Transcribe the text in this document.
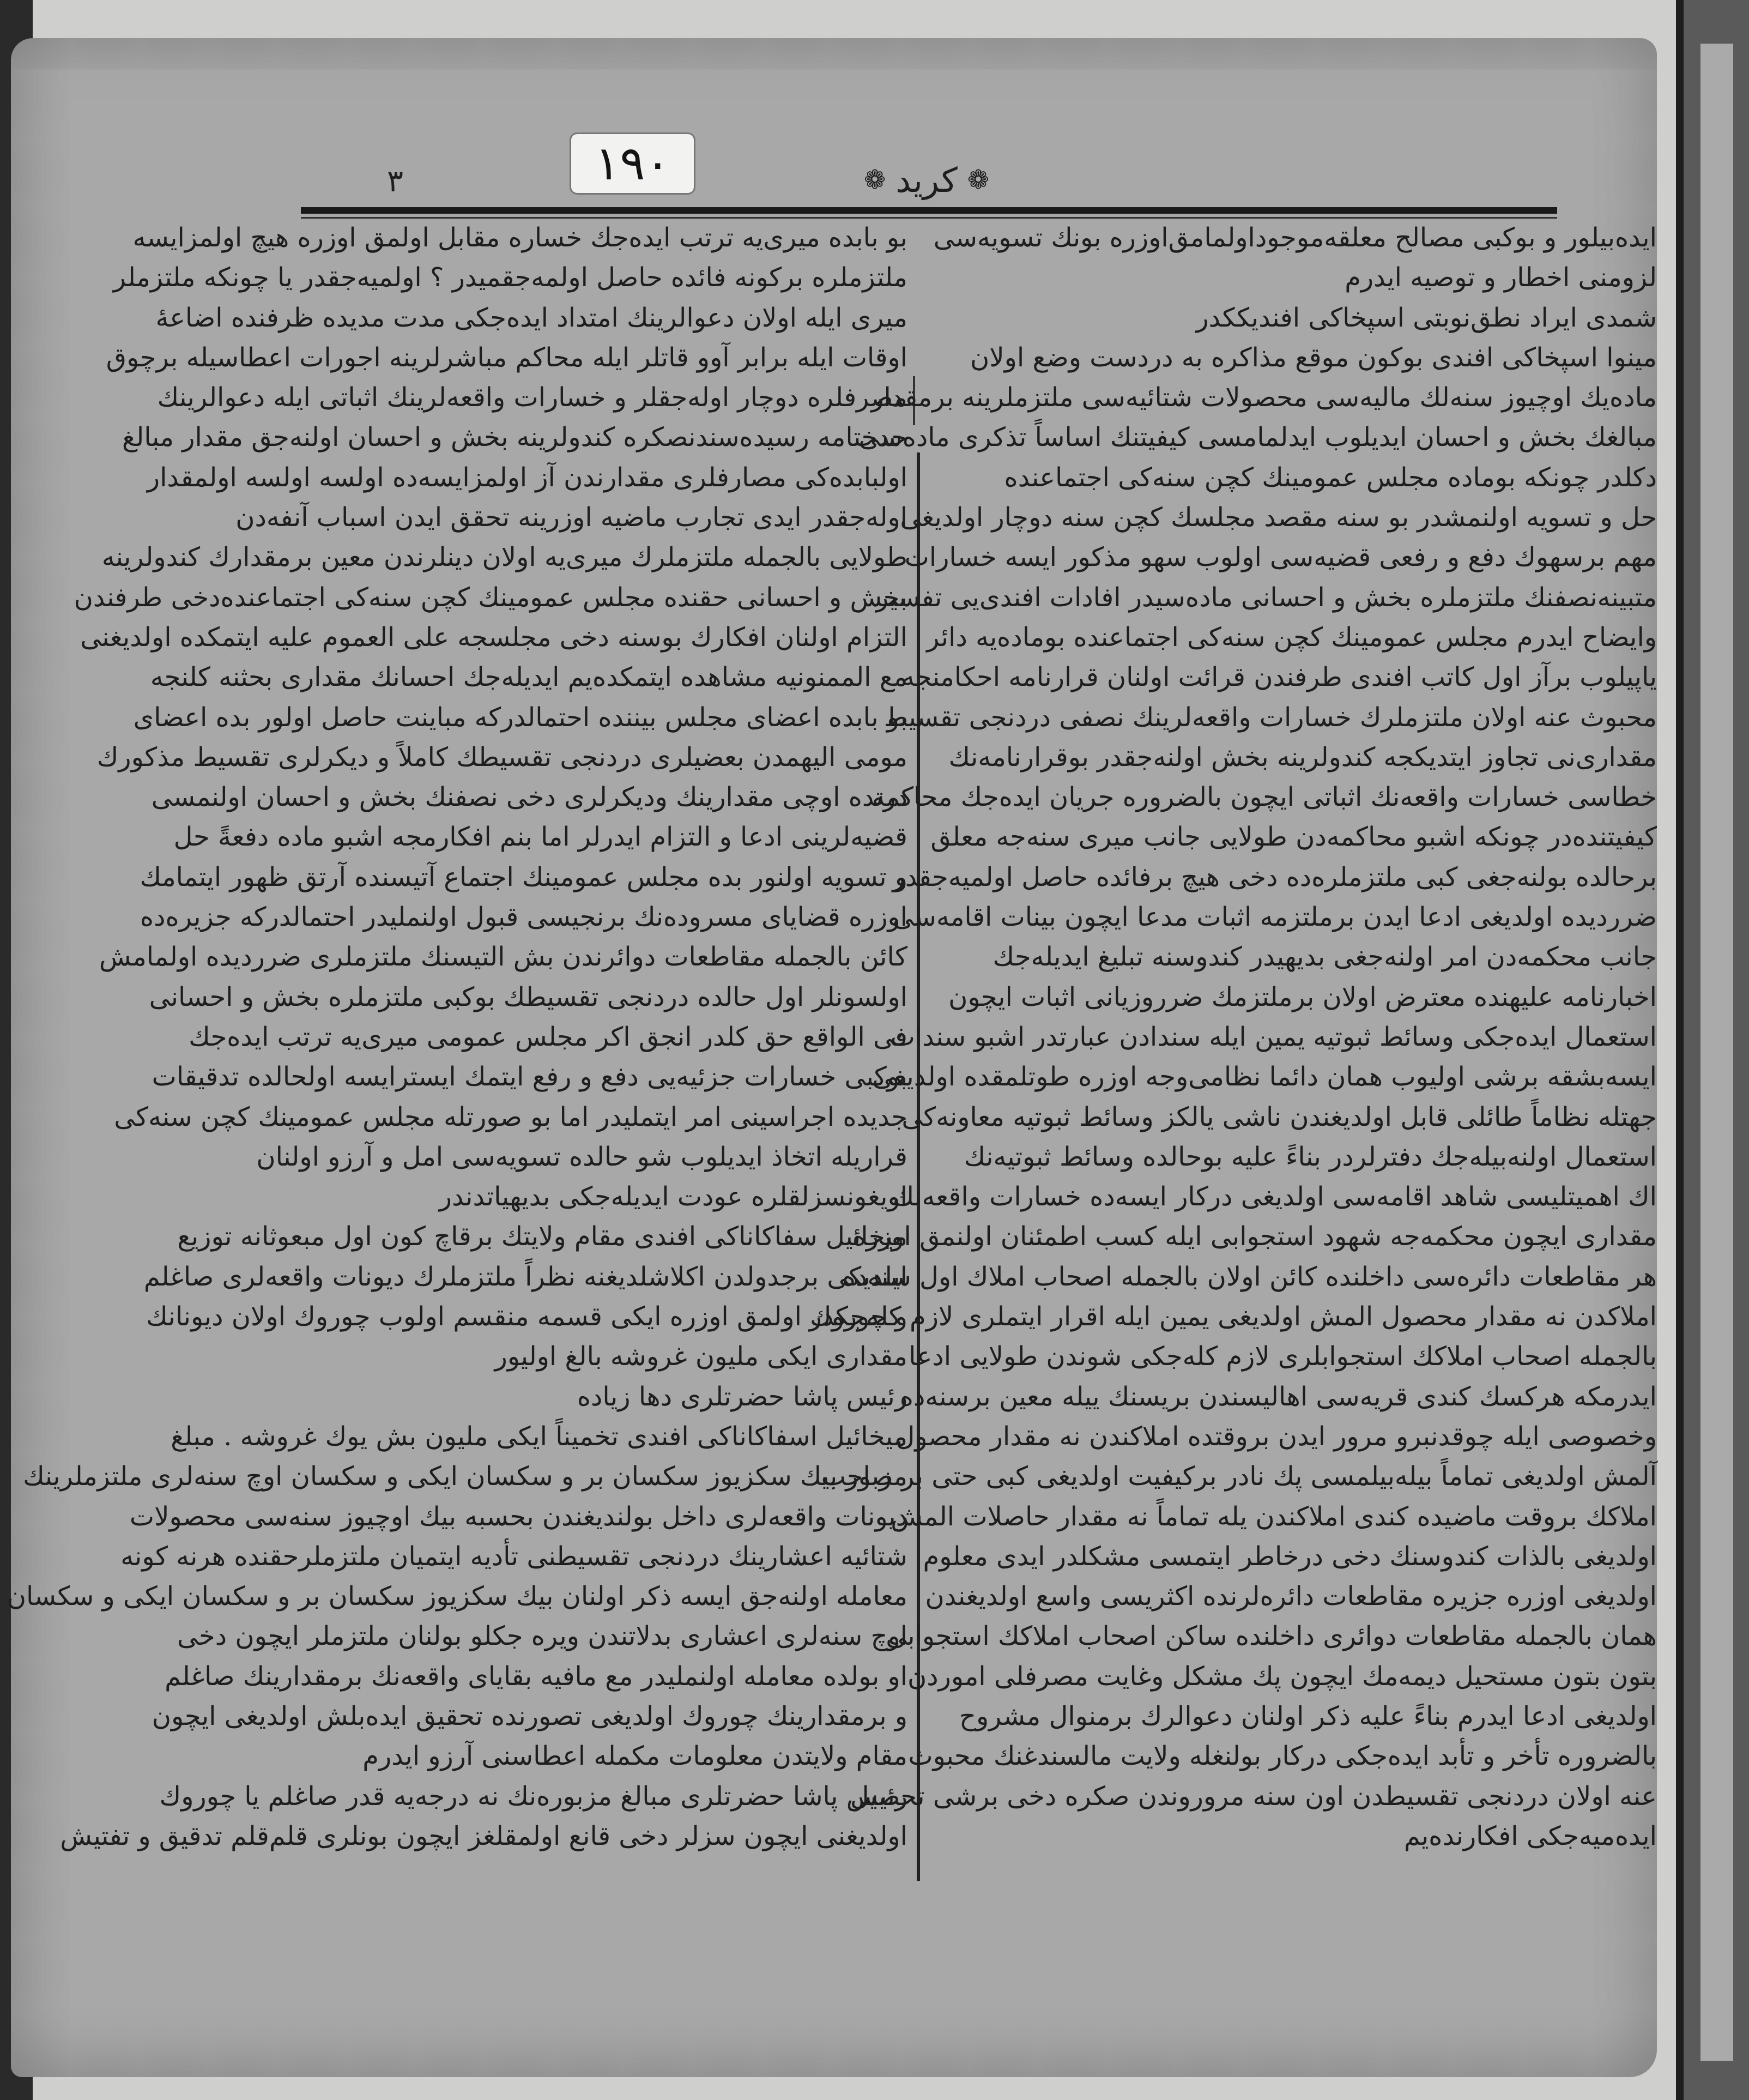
۱۹۰
۳	❁ کرید ❁

ایده‌بیلور و بوکبی مصالح معلقه‌موجوداولمامق‌اوزره بونك تسویه‌سی

لزومنی اخطار و توصیه ایدرم

شمدی ایراد نطق‌نوبتی اسپخاکی افندیککدر

مینوا اسپخاکی افندی بوکون موقع مذاکره به دردست وضع اولان

ماده‌یك اوچیوز سنه‌لك مالیه‌سی محصولات شتائیه‌سی ملتزملرینه برمقدار

مبالغك بخش و احسان ایدیلوب ایدلمامسی کیفیتنك اساساً تذکری ماده‌سی

دکلدر چونکه بوماده مجلس عمومینك کچن سنه‌کی اجتماعنده

حل و تسویه اولنمشدر بو سنه مقصد مجلسك کچن سنه دوچار اولدیغی

مهم برسهوك دفع و رفعی قضیه‌سی اولوب سهو مذکور ایسه خسارات

متبینه‌نصفنك ملتزملره بخش و احسانی ماده‌سیدر افادات افندی‌یی تفسیر

وایضاح ایدرم مجلس عمومینك کچن سنه‌کی اجتماعنده بوماده‌یه دائر

یاپیلوب برآز اول کاتب افندی طرفندن قرائت اولنان قرارنامه احکامنجه

محبوث عنه اولان ملتزملرك خسارات واقعه‌لرینك نصفی دردنجی تقسیط

مقداری‌نی تجاوز ایتدیکجه کندولرینه بخش اولنه‌جقدر بوقرارنامه‌نك

خطاسی خسارات واقعه‌نك اثباتی ایچون بالضروره جریان ایده‌جك محاکمه

کیفیتنده‌در چونکه اشبو محاکمه‌دن طولایی جانب میری سنه‌جه معلق

برحالده بولنه‌جغی کبی ملتزملره‌ده دخی هیچ برفائده حاصل اولمیه‌جقدر

ضرردیده اولدیغی ادعا ایدن برملتزمه اثبات مدعا ایچون بینات اقامه‌سی

جانب محکمه‌دن امر اولنه‌جغی بدیهیدر کندوسنه تبلیغ ایدیله‌جك

اخبارنامه علیهنده معترض اولان برملتزمك ضرروزیانی اثبات ایچون

استعمال ایده‌جکی وسائط ثبوتیه یمین ایله سندادن عبارتدر اشبو سندات

ایسه‌بشقه برشی اولیوب همان دائما نظامی‌وجه اوزره طوتلمقده اولدیغی

جهتله نظاماً طائلی قابل اولدیغندن ناشی یالکز وسائط ثبوتیه معاونه‌کی

استعمال اولنه‌بیله‌جك دفترلردر بناءً علیه بوحالده وسائط ثبوتیه‌نك

اك اهمیتلیسی شاهد اقامه‌سی اولدیغی درکار ایسه‌ده خسارات واقعه‌نك

مقداری ایچون محکمه‌جه شهود استجوابی ایله کسب اطمئنان اولنمق اوزره

هر مقاطعات دائره‌سی داخلنده کائن اولان بالجمله اصحاب املاك اول سنه‌ده

املاکدن نه مقدار محصول المش اولدیغی یمین ایله اقرار ایتملری لازم کله‌جکدر

بالجمله اصحاب املاکك استجوابلری لازم کله‌جکی شوندن طولایی ادعا

ایدرمکه هرکسك کندی قریه‌سی اهالیسندن بریسنك ییله معین برسنه‌ده

وخصوصی ایله چوقدنبرو مرور ایدن بروقتده املاکندن نه مقدار محصول

آلمش اولدیغی تماماً بیله‌بیلمسی پك نادر برکیفیت اولدیغی کبی حتی بر صاحب

املاکك بروقت ماضیده کندی املاکندن یله تماماً نه مقدار حاصلات المش

اولدیغی بالذات کندوسنك دخی درخاطر ایتمسی مشکلدر ایدی معلوم

اولدیغی اوزره جزیره مقاطعات دائره‌لرنده اکثریسی واسع اولدیغندن

همان بالجمله مقاطعات دوائری داخلنده ساکن اصحاب املاکك استجوابی

بتون بتون مستحیل دیمه‌مك ایچون پك مشکل وغایت مصرفلی اموردن

اولدیغی ادعا ایدرم بناءً علیه ذکر اولنان دعوالرك برمنوال مشروح

بالضروره تأخر و تأبد ایده‌جکی درکار بولنغله ولایت مالسندغنك محبوث

عنه اولان دردنجی تقسیطدن اون سنه مروروندن صکره دخی برشی تحصیل

ایده‌میه‌جکی افکارنده‌یم

بو بابده میری‌یه ترتب ایده‌جك خساره مقابل اولمق اوزره هیچ اولمزایسه

ملتزملره برکونه فائده حاصل اولمه‌جقمیدر ؟ اولمیه‌جقدر یا چونکه ملتزملر

میری ایله اولان دعوالرینك امتداد ایده‌جکی مدت مدیده ظرفنده اضاعهٔ

اوقات ایله برابر آوو قاتلر ایله محاکم مباشرلرینه اجورات اعطاسیله برچوق

مصرفلره دوچار اوله‌جقلر و خسارات واقعه‌لرینك اثباتی ایله دعوالرینك

حدختامه رسیده‌سندنصکره کندولرینه بخش و احسان اولنه‌جق مقدار مبالغ

اولبابده‌کی مصارفلری مقدارندن آز اولمزایسه‌ده اولسه اولسه اولمقدار

اوله‌جقدر ایدی تجارب ماضیه اوزرینه تحقق ایدن اسباب آنفه‌دن

طولایی بالجمله ملتزملرك میری‌یه اولان دینلرندن معین برمقدارك کندولرینه

بخش و احسانی حقنده مجلس عمومینك کچن سنه‌کی اجتماعنده‌دخی طرفندن

التزام اولنان افکارك بوسنه دخی مجلسجه علی العموم علیه ایتمکده اولدیغنی

مع الممنونیه مشاهده ایتمکده‌یم ایدیله‌جك احسانك مقداری بحثنه کلنجه

بو بابده اعضای مجلس بیننده احتمالدرکه مباینت حاصل اولور بده اعضای

مومی الیهمدن بعضیلری دردنجی تقسیطك کاملاً و دیکرلری تقسیط مذکورك

درتده اوچی مقدارینك ودیکرلری دخی نصفنك بخش و احسان اولنمسی

قضیه‌لرینی ادعا و التزام ایدرلر اما بنم افکارمجه اشبو ماده دفعةً حل

و تسویه اولنور بده مجلس عمومینك اجتماع آتیسنده آرتق ظهور ایتمامك

اوزره قضایای مسروده‌نك برنجیسی قبول اولنملیدر احتمالدرکه جزیره‌ده

کائن بالجمله مقاطعات دوائرندن بش التیسنك ملتزملری ضرردیده اولمامش

اولسونلر اول حالده دردنجی تقسیطك بوکبی ملتزملره بخش و احسانی

فی الواقع حق کلدر انجق اکر مجلس عمومی میری‌یه ترتب ایده‌جك

بوکبی خسارات جزئیه‌یی دفع و رفع ایتمك ایسترایسه اولحالده تدقیقات

جدیده اجراسینی امر ایتملیدر اما بو صورتله مجلس عمومینك کچن سنه‌کی

قراریله اتخاذ ایدیلوب شو حالده تسویه‌سی امل و آرزو اولنان

اویغونسزلقلره عودت ایدیله‌جکی بدیهیاتدندر

میخائیل سفاکاناکی افندی مقام ولایتك برقاچ کون اول مبعوثانه توزیع

ایلدیکی برجدولدن اکلاشلدیغنه نظراً ملتزملرك دیونات واقعه‌لری صاغلم

و چوروك اولمق اوزره ایکی قسمه منقسم اولوب چوروك اولان دیونانك

مقداری ایکی ملیون غروشه بالغ اولیور

رئیس پاشا حضرتلری دها زیاده

میخائیل اسفاکاناکی افندی تخمیناً ایکی ملیون بش یوك غروشه . مبلغ

مزبور بیك سکزیوز سکسان بر و سکسان ایکی و سکسان اوچ سنه‌لری ملتزملرینك

دیونات واقعه‌لری داخل بولندیغندن بحسبه بیك اوچیوز سنه‌سی محصولات

شتائیه اعشارینك دردنجی تقسیطنی تأدیه ایتمیان ملتزملرحقنده هرنه کونه

معامله اولنه‌جق ایسه ذکر اولنان بیك سکزیوز سکسان بر و سکسان ایکی و سکسان

اوچ سنه‌لری اعشاری بدلاتندن ویره جکلو بولنان ملتزملر ایچون دخی

او بولده معامله اولنملیدر مع مافیه بقایای واقعه‌نك برمقدارینك صاغلم

و برمقدارینك چوروك اولدیغی تصورنده تحقیق ایده‌بلش اولدیغی ایچون

مقام ولایتدن معلومات مکمله اعطاسنی آرزو ایدرم

رئیس پاشا حضرتلری مبالغ مزبوره‌نك نه درجه‌یه قدر صاغلم یا چوروك

اولدیغنی ایچون سزلر دخی قانع اولمقلغز ایچون بونلری قلم‌قلم تدقیق و تفتیش
